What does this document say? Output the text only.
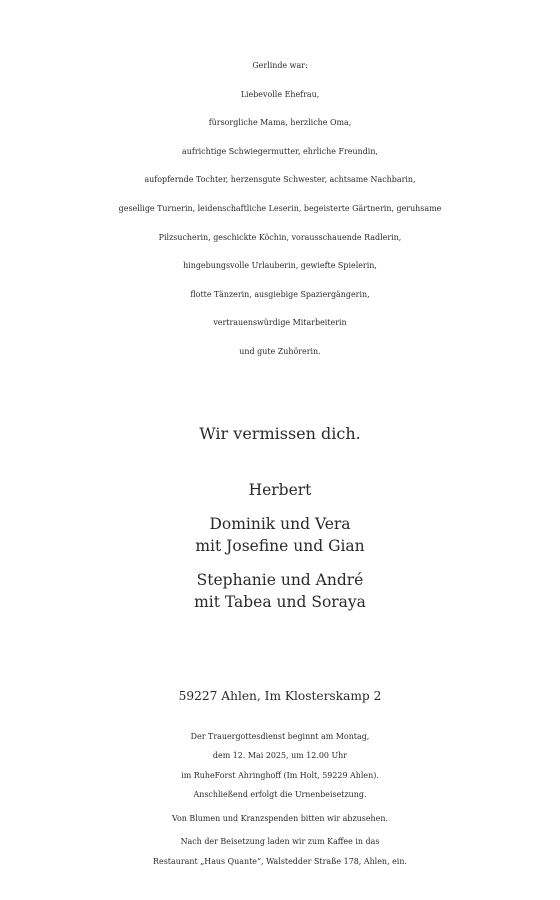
Gerlinde war:
Liebevolle Ehefrau,
fürsorgliche Mama, herzliche Oma,
aufrichtige Schwiegermutter, ehrliche Freundin,
aufopfernde Tochter, herzensgute Schwester, achtsame Nachbarin,
gesellige Turnerin, leidenschaftliche Leserin, begeisterte Gärtnerin, geruhsame
Pilzsucherin, geschickte Köchin, vorausschauende Radlerin,
hingebungsvolle Urlauberin, gewiefte Spielerin,
flotte Tänzerin, ausgiebige Spaziergängerin,
vertrauenswürdige Mitarbeiterin
und gute Zuhörerin.
Wir vermissen dich.
Herbert
Dominik und Vera
mit Josefine und Gian
Stephanie und André
mit Tabea und Soraya
59227 Ahlen, Im Klosterskamp 2
Der Trauergottesdienst beginnt am Montag,
dem 12. Mai 2025, um 12.00 Uhr
im RuheForst Ahringhoff (Im Holt, 59229 Ahlen).
Anschließend erfolgt die Urnenbeisetzung.
Von Blumen und Kranzspenden bitten wir abzusehen.
Nach der Beisetzung laden wir zum Kaffee in das
Restaurant „Haus Quante“, Walstedder Straße 178, Ahlen, ein.
